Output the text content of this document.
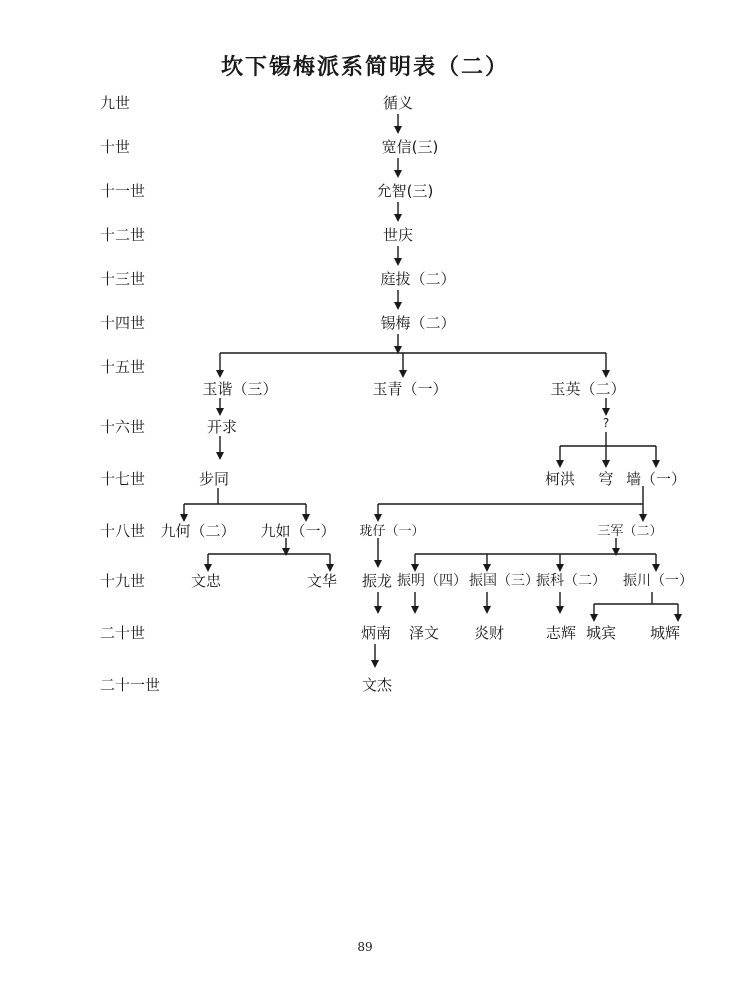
坎下锡梅派系简明表（二）
九世
十世
十一世
十二世
十三世
十四世
十五世
十六世
十七世
十八世
十九世
二十世
二十一世
循义
宽信(三)
允智(三)
世庆
庭拔（二）
锡梅（二）
玉谐（三）	玉青（一）	玉英（二）
开求	?
步同	柯洪 穹 墙（一）
九何（二） 九如（一） 珑仔（一）	三军（二）
文忠	文华 振龙 振明（四） 振国（三）
振科（二） 振川（一）
炳南 泽文 炎财	志辉 城宾 城辉
文杰
89
